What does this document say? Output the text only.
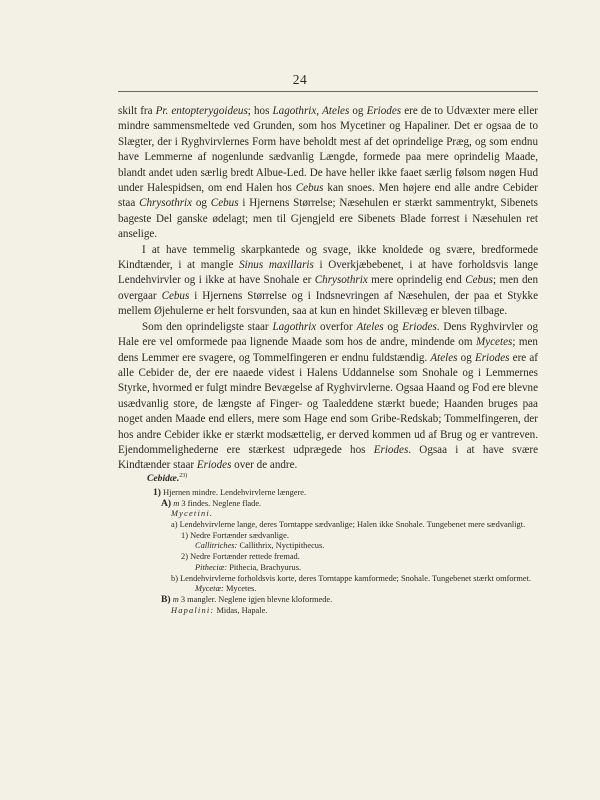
24

skilt fra Pr. entopterygoideus; hos Lagothrix, Ateles og Eriodes ere de to Udvæxter mere eller mindre sammensmeltede ved Grunden, som hos Mycetiner og Hapaliner. Det er ogsaa de to Slægter, der i Ryghvirvlernes Form have beholdt mest af det oprindelige Præg, og som endnu have Lemmerne af nogenlunde sædvanlig Længde, formede paa mere oprindelig Maade, blandt andet uden særlig bredt Albue-Led. De have heller ikke faaet særlig følsom nøgen Hud under Halespidsen, om end Halen hos Cebus kan snoes. Men højere end alle andre Cebider staa Chrysothrix og Cebus i Hjernens Størrelse; Næsehulen er stærkt sammentrykt, Sibenets bageste Del ganske ødelagt; men til Gjengjeld ere Sibenets Blade forrest i Næsehulen ret anselige.

I at have temmelig skarpkantede og svage, ikke knoldede og svære, bredformede Kindtænder, i at mangle Sinus maxillaris i Overkjæbebenet, i at have forholdsvis lange Lendehvirvler og i ikke at have Snohale er Chrysothrix mere oprindelig end Cebus; men den overgaar Cebus i Hjernens Størrelse og i Indsnevringen af Næsehulen, der paa et Stykke mellem Øjehulerne er helt forsvunden, saa at kun en hindet Skillevæg er bleven tilbage.

Som den oprindeligste staar Lagothrix overfor Ateles og Eriodes. Dens Ryghvirvler og Hale ere vel omformede paa lignende Maade som hos de andre, mindende om Mycetes; men dens Lemmer ere svagere, og Tommelfingeren er endnu fuldstændig. Ateles og Eriodes ere af alle Cebider de, der ere naaede videst i Halens Uddannelse som Snohale og i Lemmernes Styrke, hvormed er fulgt mindre Bevægelse af Ryghvirvlerne. Ogsaa Haand og Fod ere blevne usædvanlig store, de længste af Finger- og Taaleddene stærkt buede; Haanden bruges paa noget anden Maade end ellers, mere som Hage end som Gribe-Redskab; Tommelfingeren, der hos andre Cebider ikke er stærkt modsættelig, er derved kommen ud af Brug og er vantreven. Ejendommelighederne ere stærkest udprægede hos Eriodes. Ogsaa i at have svære Kindtænder staar Eriodes over de andre.

Cebidæ.$^{23)}$
1) Hjernen mindre. Lendehvirvlerne længere.
A) m 3 findes. Neglene flade.
Mycetini.
a) Lendehvirvlerne lange, deres Torntappe sædvanlige; Halen ikke Snohale. Tungebenet mere sædvanligt.
1) Nedre Fortænder sædvanlige.
Callitriches: Callithrix, Nyctipithecus.
2) Nedre Fortænder rettede fremad.
Pitheciæ: Pithecia, Brachyurus.
b) Lendehvirvlerne forholdsvis korte, deres Torntappe kamformede; Snohale. Tungebenet stærkt omformet.
Mycetæ: Mycetes.
B) m 3 mangler. Neglene igjen blevne kloformede.
Hapalini: Midas, Hapale.
